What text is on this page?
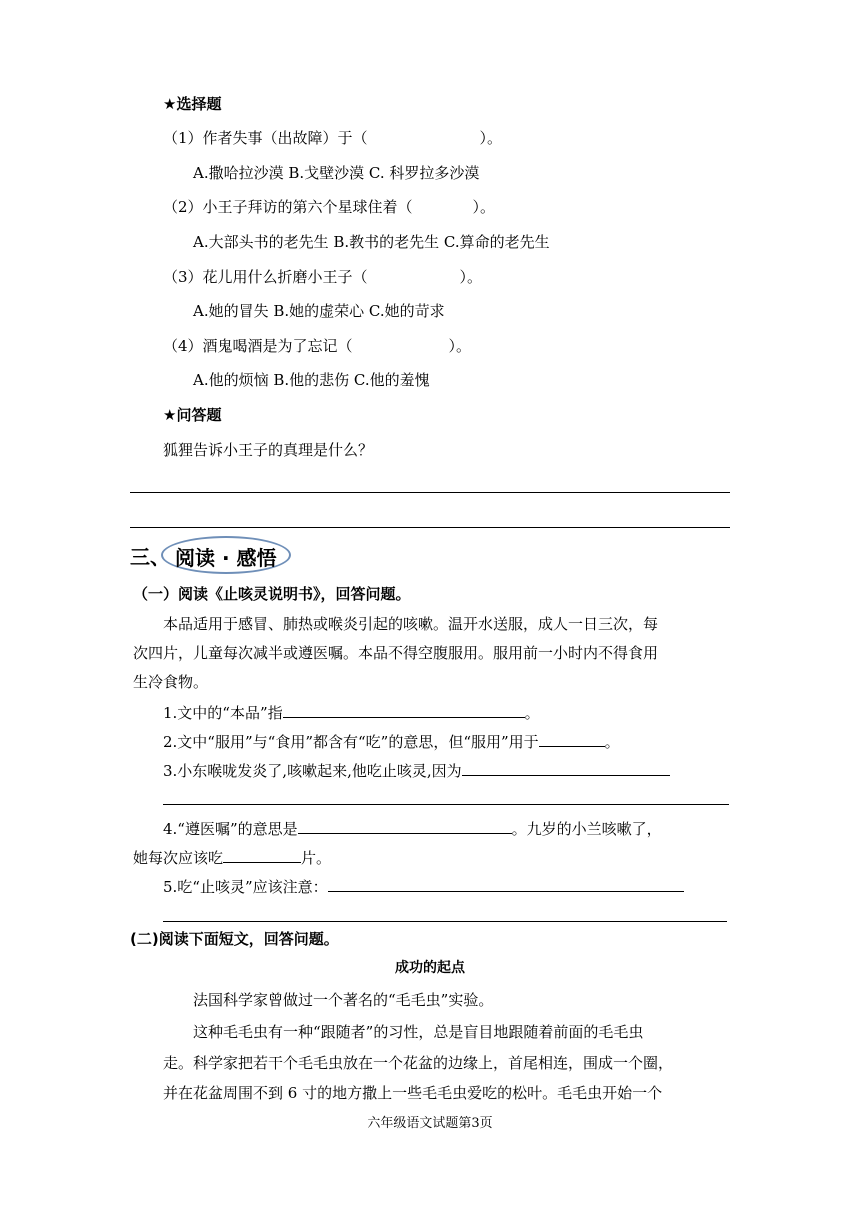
★选择题
（1）作者失事（出故障）于（	）。
A.撒哈拉沙漠 B.戈壁沙漠 C. 科罗拉多沙漠
（2）小王子拜访的第六个星球住着（	）。
A.大部头书的老先生 B.教书的老先生 C.算命的老先生
（3）花儿用什么折磨小王子（	）。
A.她的冒失 B.她的虚荣心 C.她的苛求
（4）酒鬼喝酒是为了忘记（	）。
A.他的烦恼 B.他的悲伤 C.他的羞愧
★问答题
狐狸告诉小王子的真理是什么？
三、 阅读 · 感悟
（一）阅读《止咳灵说明书》，回答问题。
本品适用于感冒、肺热或喉炎引起的咳嗽。温开水送服，成人一日三次，每
次四片，儿童每次减半或遵医嘱。本品不得空腹服用。服用前一小时内不得食用
生冷食物。
1.文中的“本品”指	。
2.文中“服用”与“食用”都含有“吃”的意思，但“服用”用于	。
3.小东喉咙发炎了,咳嗽起来,他吃止咳灵,因为
4.“遵医嘱”的意思是	。九岁的小兰咳嗽了，
她每次应该吃	片。
5.吃“止咳灵”应该注意：
(二)阅读下面短文，回答问题。
成功的起点
法国科学家曾做过一个著名的“毛毛虫”实验。
这种毛毛虫有一种“跟随者”的习性，总是盲目地跟随着前面的毛毛虫
走。科学家把若干个毛毛虫放在一个花盆的边缘上，首尾相连，围成一个圈，
并在花盆周围不到 6 寸的地方撒上一些毛毛虫爱吃的松叶。毛毛虫开始一个
六年级语文试题第3页
